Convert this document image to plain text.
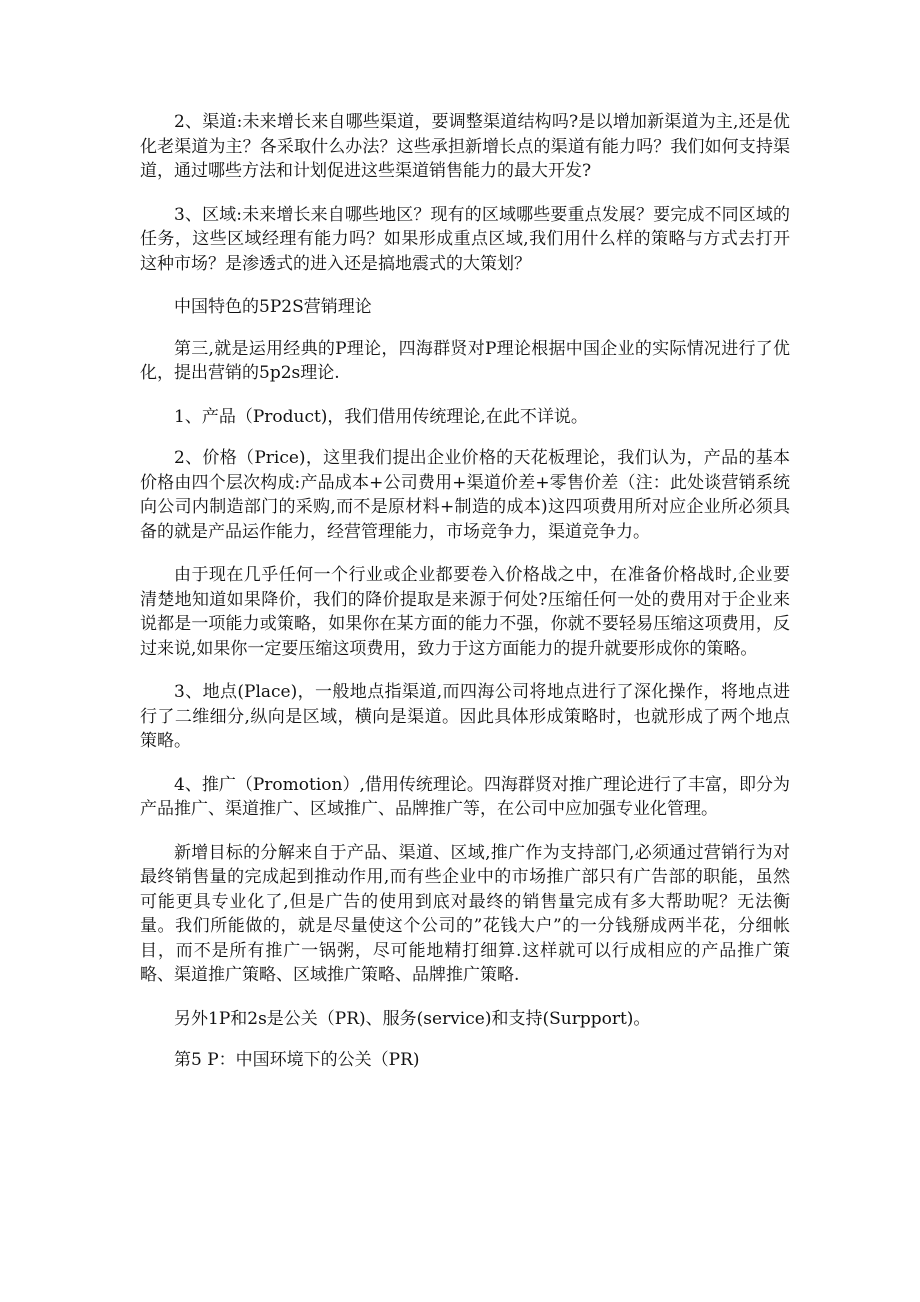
2、渠道:未来增长来自哪些渠道，要调整渠道结构吗?是以增加新渠道为主,还是优化老渠道为主？各采取什么办法？这些承担新增长点的渠道有能力吗？我们如何支持渠道，通过哪些方法和计划促进这些渠道销售能力的最大开发?

3、区域:未来增长来自哪些地区？现有的区域哪些要重点发展？要完成不同区域的任务，这些区域经理有能力吗？如果形成重点区域,我们用什么样的策略与方式去打开这种市场？是渗透式的进入还是搞地震式的大策划？

中国特色的5P2S营销理论

第三,就是运用经典的P理论，四海群贤对P理论根据中国企业的实际情况进行了优化，提出营销的5p2s理论.

1、产品（Product)，我们借用传统理论,在此不详说。

2、价格（Price)，这里我们提出企业价格的天花板理论，我们认为，产品的基本价格由四个层次构成:产品成本+公司费用+渠道价差+零售价差（注：此处谈营销系统向公司内制造部门的采购,而不是原材料+制造的成本)这四项费用所对应企业所必须具备的就是产品运作能力，经营管理能力，市场竞争力，渠道竞争力。

由于现在几乎任何一个行业或企业都要卷入价格战之中，在准备价格战时,企业要清楚地知道如果降价，我们的降价提取是来源于何处?压缩任何一处的费用对于企业来说都是一项能力或策略，如果你在某方面的能力不强，你就不要轻易压缩这项费用，反过来说,如果你一定要压缩这项费用，致力于这方面能力的提升就要形成你的策略。

3、地点(Place)，一般地点指渠道,而四海公司将地点进行了深化操作，将地点进行了二维细分,纵向是区域，横向是渠道。因此具体形成策略时，也就形成了两个地点策略。

4、推广（Promotion）,借用传统理论。四海群贤对推广理论进行了丰富，即分为产品推广、渠道推广、区域推广、品牌推广等，在公司中应加强专业化管理。

新增目标的分解来自于产品、渠道、区域,推广作为支持部门,必须通过营销行为对最终销售量的完成起到推动作用,而有些企业中的市场推广部只有广告部的职能，虽然可能更具专业化了,但是广告的使用到底对最终的销售量完成有多大帮助呢？无法衡量。我们所能做的，就是尽量使这个公司的”花钱大户”的一分钱掰成两半花，分细帐目，而不是所有推广一锅粥，尽可能地精打细算.这样就可以行成相应的产品推广策略、渠道推广策略、区域推广策略、品牌推广策略.

另外1P和2s是公关（PR)、服务(service)和支持(Surpport)。

第5 P：中国环境下的公关（PR)
